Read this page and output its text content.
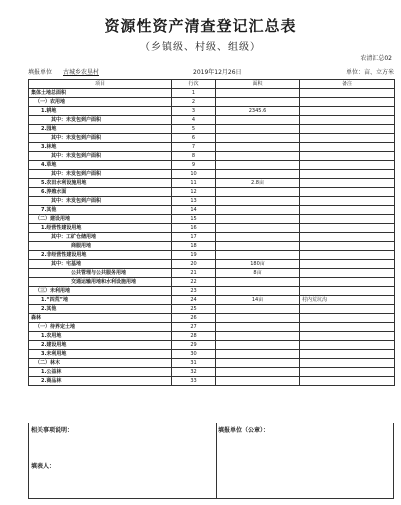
资源性资产清查登记汇总表
（乡镇级、村级、组级）
农清汇总02
填报单位 古城乡农垦村	2019年12月26日	单位：亩、立方米
项目	行次	面积	备注
集体土地总面积	1		
（一）农用地	2		
1.耕地	3	2345.6	
其中：未发包到户面积	4		
2.园地	5		
其中：未发包到户面积	6		
3.林地	7		
其中：未发包到户面积	8		
4.草地	9		
其中：未发包到户面积	10		
5.农田水利设施用地	11	2.8亩	
6.养殖水面	12		
其中：未发包到户面积	13		
7.其他	14		
（二）建设用地	15		
1.经营性建设用地	16		
其中：工矿仓储用地	17		
商服用地	18		
2.非经营性建设用地	19		
其中：宅基地	20	180亩	
公共管理与公共服务用地	21	8亩	
交通运输用地和水利设施用地	22		
（三）未利用地	23		
1.“四荒”地	24	14亩	村内荒坑沟
2.其他	25		
森林	26		
（一）待界定土地	27		
1.农用地	28		
2.建设用地	29		
3.未利用地	30		
（二）林木	31		
1.公益林	32		
2.商品林	33		
相关事项说明：	填报单位（公章）：
填表人：
